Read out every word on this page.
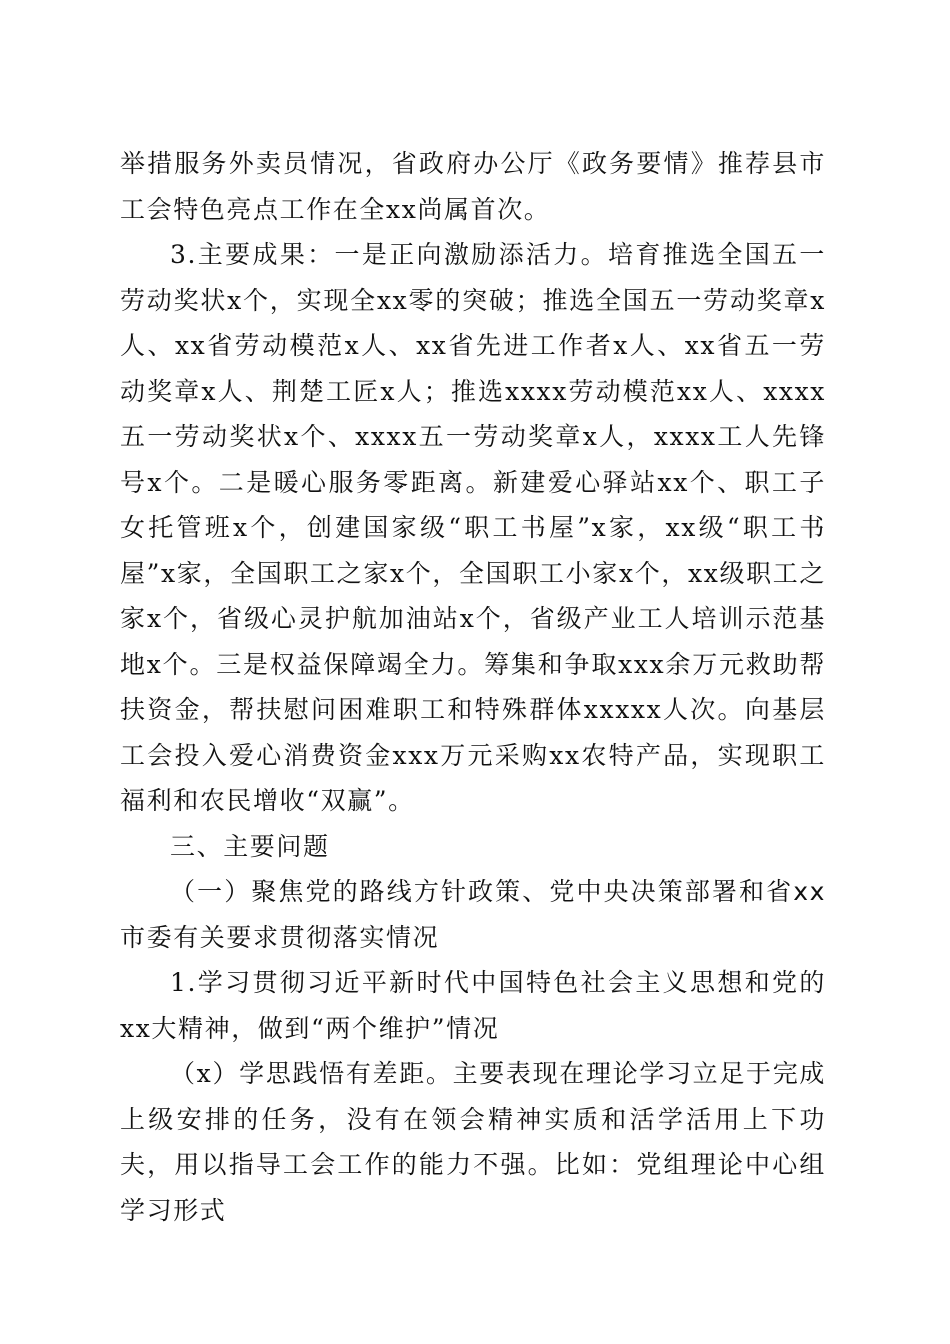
举措服务外卖员情况，省政府办公厅《政务要情》推荐县市工会特色亮点工作在全xx尚属首次。

3.主要成果：一是正向激励添活力。培育推选全国五一劳动奖状x个，实现全xx零的突破；推选全国五一劳动奖章x人、xx省劳动模范x人、xx省先进工作者x人、xx省五一劳动奖章x人、荆楚工匠x人；推选xxxx劳动模范xx人、xxxx五一劳动奖状x个、xxxx五一劳动奖章x人，xxxx工人先锋号x个。二是暖心服务零距离。新建爱心驿站xx个、职工子女托管班x个，创建国家级“职工书屋”x家，xx级“职工书屋”x家，全国职工之家x个，全国职工小家x个，xx级职工之家x个，省级心灵护航加油站x个，省级产业工人培训示范基地x个。三是权益保障竭全力。筹集和争取xxx余万元救助帮扶资金，帮扶慰问困难职工和特殊群体xxxxx人次。向基层工会投入爱心消费资金xxx万元采购xx农特产品，实现职工福利和农民增收“双赢”。

三、主要问题

（一）聚焦党的路线方针政策、党中央决策部署和省xx市委有关要求贯彻落实情况

1.学习贯彻习近平新时代中国特色社会主义思想和党的xx大精神，做到“两个维护”情况

（x）学思践悟有差距。主要表现在理论学习立足于完成上级安排的任务，没有在领会精神实质和活学活用上下功夫，用以指导工会工作的能力不强。比如：党组理论中心组学习形式
